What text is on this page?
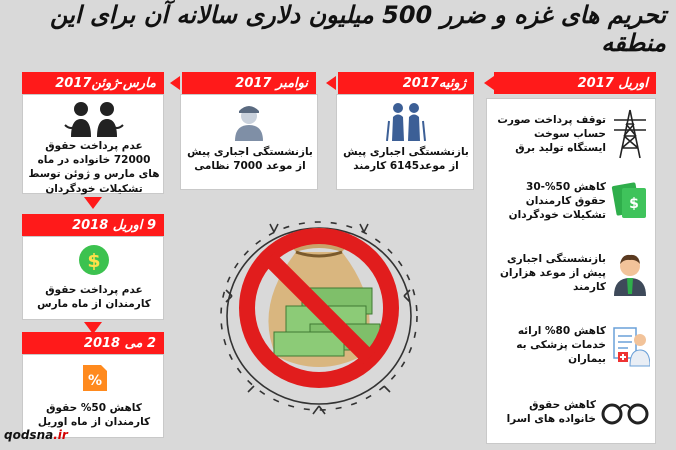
تحریم های غزه و ضرر 500 میلیون دلاری سالانه آن برای این منطقه
اوریل 2017
توقف پرداخت صورت حساب سوخت ایستگاه تولید برق
$
کاهش 50%-30 حقوق کارمندان تشکیلات خودگردان
بازنشستگی اجباری پیش از موعد هزاران کارمند
کاهش 80% ارائه خدمات پزشکی به بیماران
کاهش حقوق خانواده های اسرا
ژوئیه2017
بازنشستگی اجباری پیش از موعد6145 کارمند
نوامبر 2017
بازنشستگی اجباری پیش از موعد 7000 نظامی
مارس-ژوئن2017
عدم پرداخت حقوق 72000 خانواده در ماه های مارس و ژوئن توسط تشکیلات خودگردان
9 اوریل 2018
$
عدم پرداخت حقوق کارمندان از ماه مارس
2 می 2018
%
کاهش 50% حقوق کارمندان از ماه اوریل
qodsna.ir
